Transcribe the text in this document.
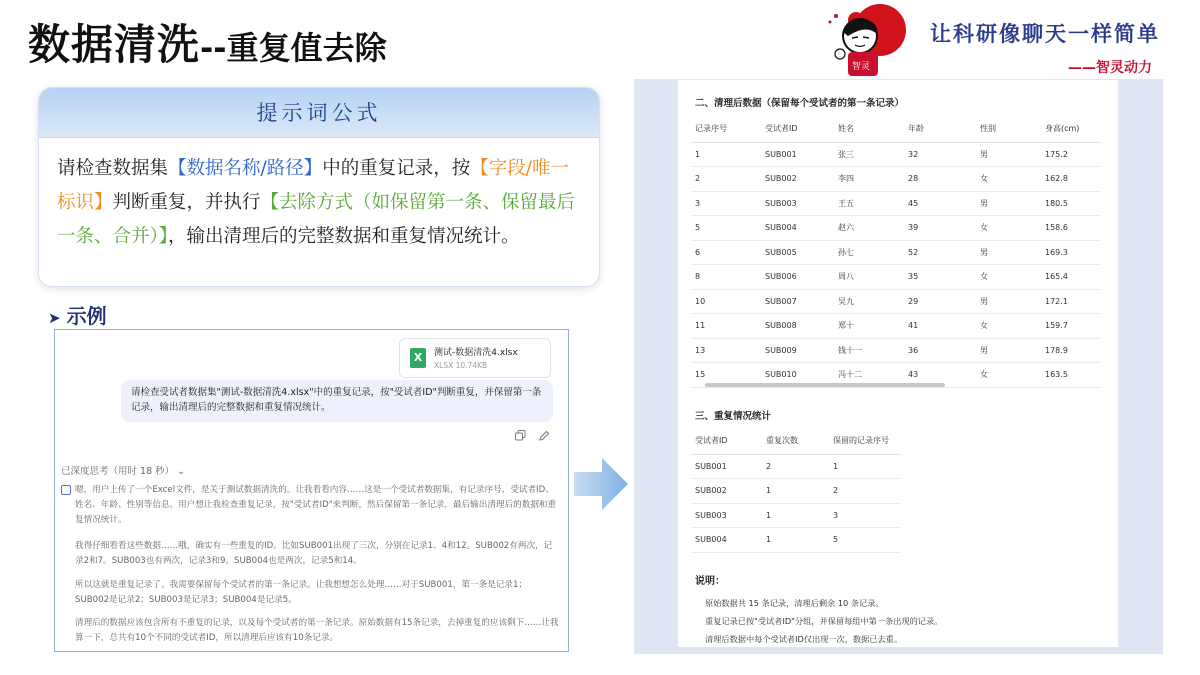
数据清洗--重复值去除	智灵
让科研像聊天一样简单
——智灵动力
提示词公式
请检查数据集【数据名称/路径】中的重复记录，按【字段/唯一标识】判断重复，并执行【去除方式（如保留第一条、保留最后一条、合并）】，输出清理后的完整数据和重复情况统计。
➤ 示例
X	测试-数据清洗4.xlsx
XLSX 10.74KB
请检查受试者数据集"测试-数据清洗4.xlsx"中的重复记录，按"受试者ID"判断重复，并保留第一条记录，输出清理后的完整数据和重复情况统计。
已深度思考（用时 18 秒） ⌄
嗯，用户上传了一个Excel文件，是关于测试数据清洗的。让我看看内容……这是一个受试者数据集，有记录序号、受试者ID、姓名、年龄、性别等信息。用户想让我检查重复记录，按"受试者ID"来判断，然后保留第一条记录，最后输出清理后的数据和重复情况统计。
我得仔细看看这些数据……哦，确实有一些重复的ID。比如SUB001出现了三次，分别在记录1、4和12。SUB002有两次，记录2和7。SUB003也有两次，记录3和9。SUB004也是两次，记录5和14。
所以这就是重复记录了。我需要保留每个受试者的第一条记录。让我想想怎么处理……对于SUB001，第一条是记录1；SUB002是记录2；SUB003是记录3；SUB004是记录5。
清理后的数据应该包含所有不重复的记录，以及每个受试者的第一条记录。原始数据有15条记录，去掉重复的应该剩下……让我算一下，总共有10个不同的受试者ID，所以清理后应该有10条记录。
二、清理后数据（保留每个受试者的第一条记录）
记录序号	受试者ID	姓名	年龄	性别	身高(cm)
1	SUB001	张三	32	男	175.2
2	SUB002	李四	28	女	162.8
3	SUB003	王五	45	男	180.5
5	SUB004	赵六	39	女	158.6
6	SUB005	孙七	52	男	169.3
8	SUB006	周八	35	女	165.4
10	SUB007	吴九	29	男	172.1
11	SUB008	郑十	41	女	159.7
13	SUB009	钱十一	36	男	178.9
15	SUB010	冯十二	43	女	163.5
三、重复情况统计
受试者ID	重复次数	保留的记录序号
SUB001	2	1
SUB002	1	2
SUB003	1	3
SUB004	1	5
说明：
原始数据共 15 条记录，清理后剩余 10 条记录。
重复记录已按"受试者ID"分组，并保留每组中第一条出现的记录。
清理后数据中每个受试者ID仅出现一次，数据已去重。
